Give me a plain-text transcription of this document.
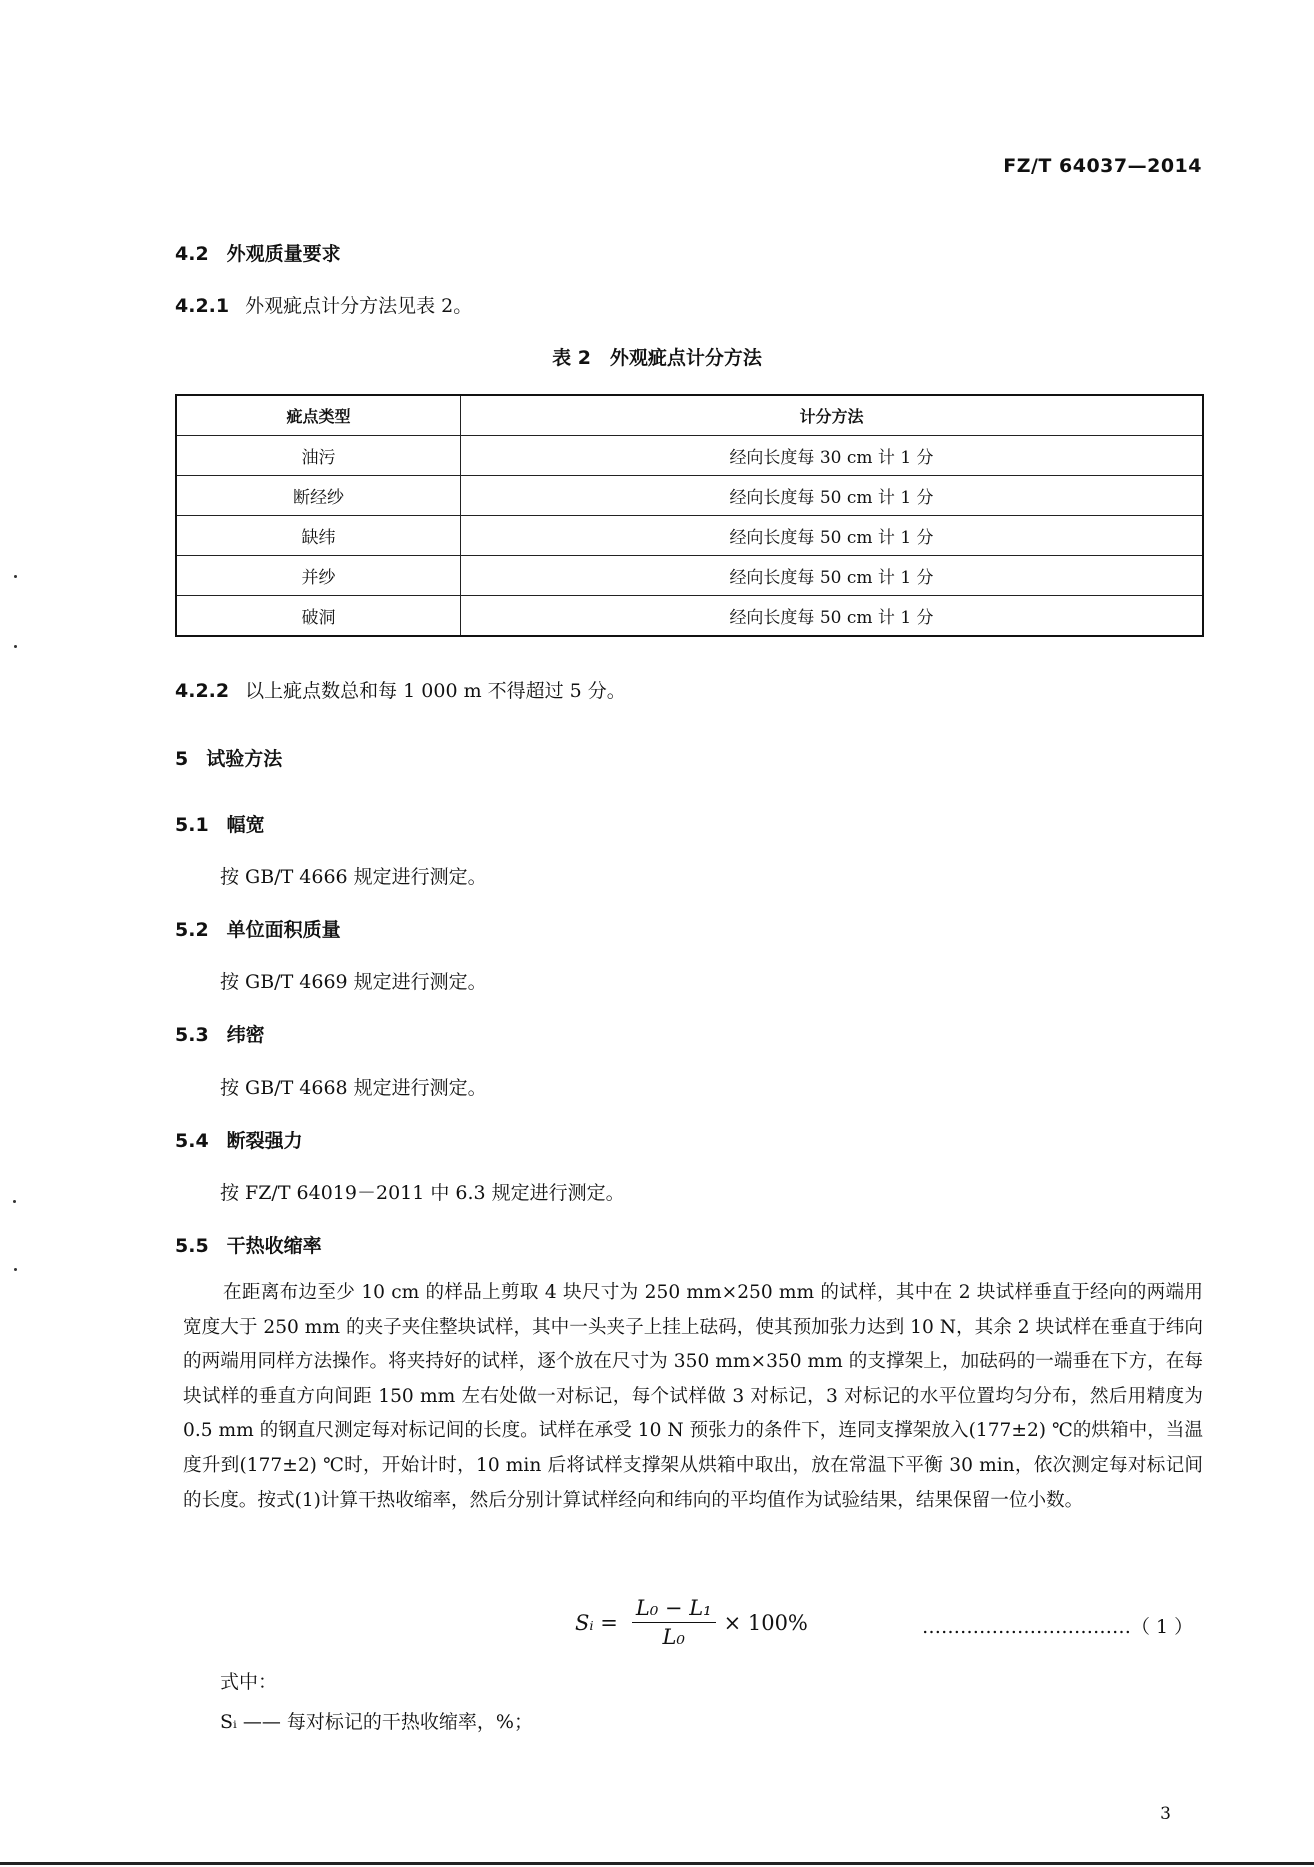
FZ/T 64037—2014
4.2 外观质量要求
4.2.1 外观疵点计分方法见表 2。
表 2　外观疵点计分方法
疵点类型	计分方法
油污	经向长度每 30 cm 计 1 分
断经纱	经向长度每 50 cm 计 1 分
缺纬	经向长度每 50 cm 计 1 分
并纱	经向长度每 50 cm 计 1 分
破洞	经向长度每 50 cm 计 1 分
4.2.2 以上疵点数总和每 1 000 m 不得超过 5 分。
5 试验方法
5.1 幅宽
按 GB/T 4666 规定进行测定。
5.2 单位面积质量
按 GB/T 4669 规定进行测定。
5.3 纬密
按 GB/T 4668 规定进行测定。
5.4 断裂强力
按 FZ/T 64019－2011 中 6.3 规定进行测定。
5.5 干热收缩率
在距离布边至少 10 cm 的样品上剪取 4 块尺寸为 250 mm×250 mm 的试样，其中在 2 块试样垂直于经向的两端用宽度大于 250 mm 的夹子夹住整块试样，其中一头夹子上挂上砝码，使其预加张力达到 10 N，其余 2 块试样在垂直于纬向的两端用同样方法操作。将夹持好的试样，逐个放在尺寸为 350 mm×350 mm 的支撑架上，加砝码的一端垂在下方，在每块试样的垂直方向间距 150 mm 左右处做一对标记，每个试样做 3 对标记，3 对标记的水平位置均匀分布，然后用精度为 0.5 mm 的钢直尺测定每对标记间的长度。试样在承受 10 N 预张力的条件下，连同支撑架放入(177±2) ℃的烘箱中，当温度升到(177±2) ℃时，开始计时，10 min 后将试样支撑架从烘箱中取出，放在常温下平衡 30 min，依次测定每对标记间的长度。按式(1)计算干热收缩率，然后分别计算试样经向和纬向的平均值作为试验结果，结果保留一位小数。
Sᵢ = $\frac{\text{L₀ − L₁}}{\text{L₀}} \times 100\%$	……………………………（ 1 ）
式中：
Sᵢ —— 每对标记的干热收缩率，%；
3
